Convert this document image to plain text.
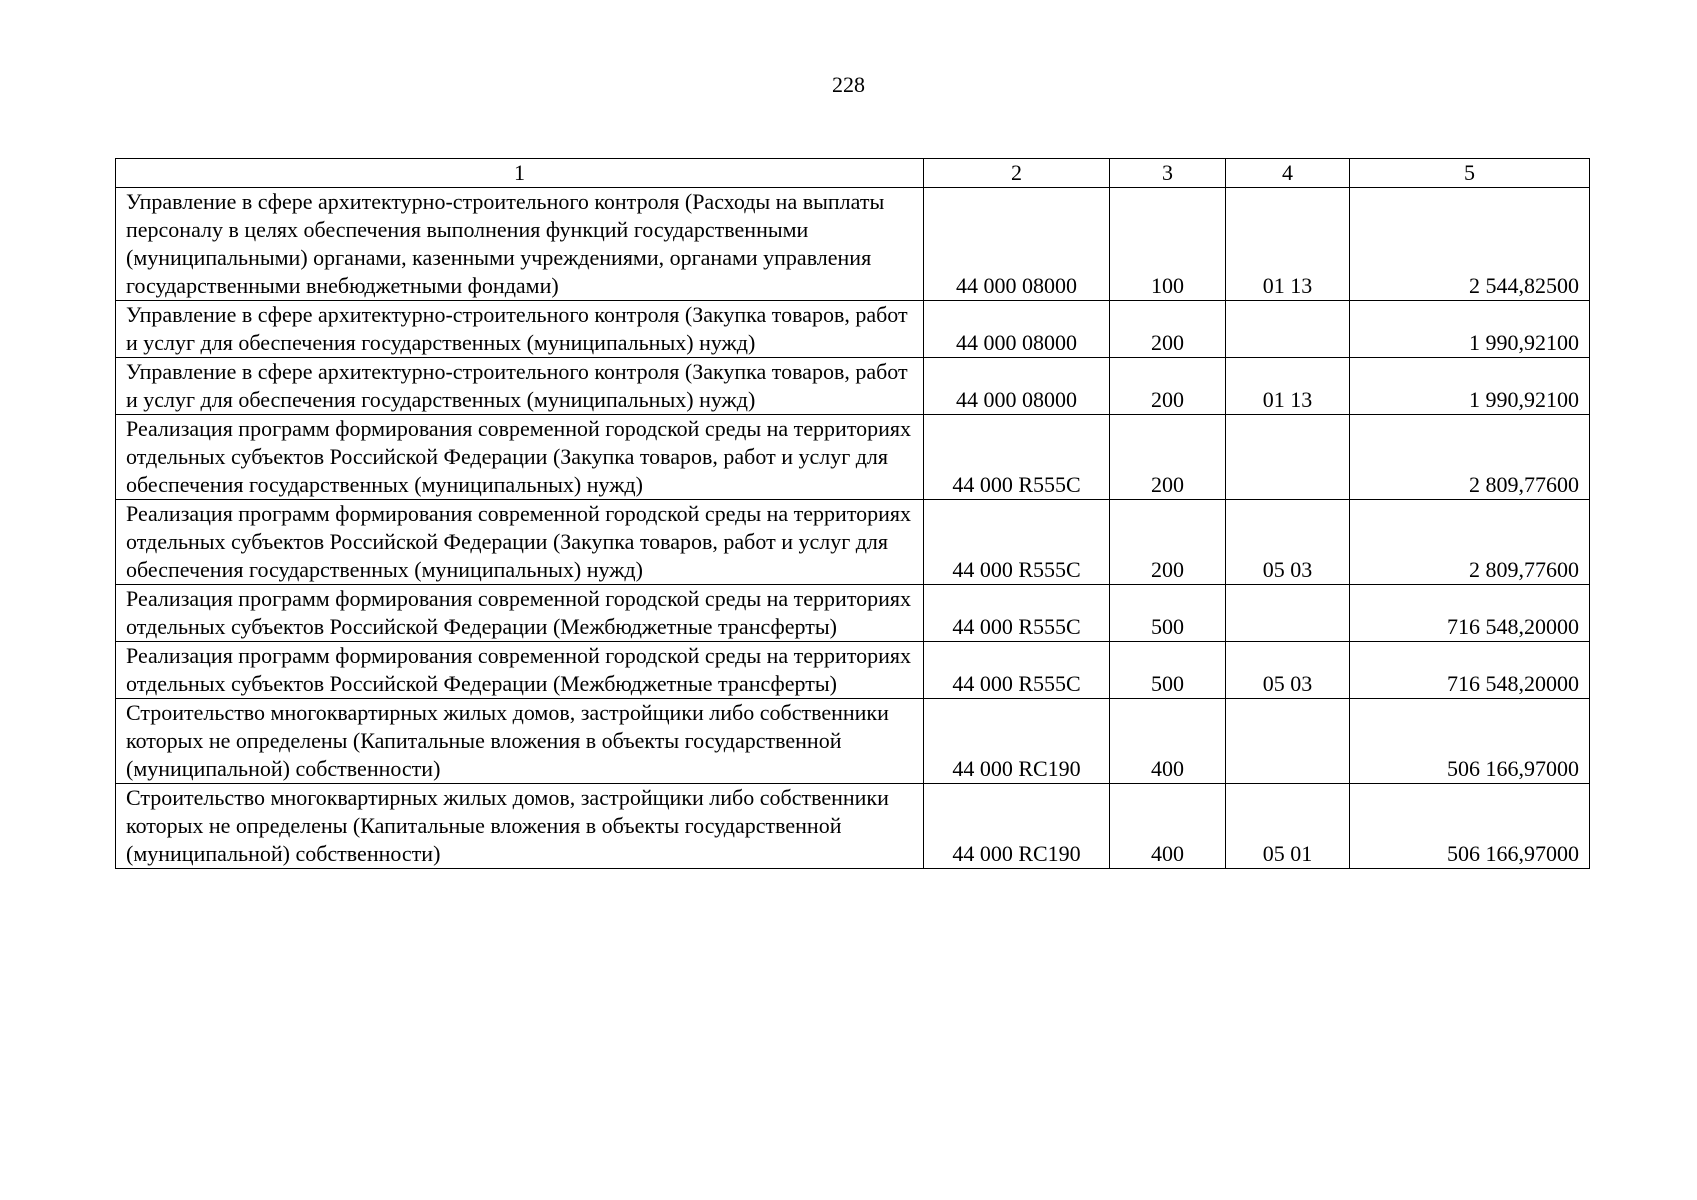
228
1	2	3	4	5
Управление в сфере архитектурно-строительного контроля (Расходы на выплаты персоналу в целях обеспечения выполнения функций государственными (муниципальными) органами, казенными учреждениями, органами управления государственными внебюджетными фондами)	44 000 08000	100	01 13	2 544,82500
Управление в сфере архитектурно-строительного контроля (Закупка товаров, работ и услуг для обеспечения государственных (муниципальных) нужд)	44 000 08000	200		1 990,92100
Управление в сфере архитектурно-строительного контроля (Закупка товаров, работ и услуг для обеспечения государственных (муниципальных) нужд)	44 000 08000	200	01 13	1 990,92100
Реализация программ формирования современной городской среды на территориях отдельных субъектов Российской Федерации (Закупка товаров, работ и услуг для обеспечения государственных (муниципальных) нужд)	44 000 R555C	200		2 809,77600
Реализация программ формирования современной городской среды на территориях отдельных субъектов Российской Федерации (Закупка товаров, работ и услуг для обеспечения государственных (муниципальных) нужд)	44 000 R555C	200	05 03	2 809,77600
Реализация программ формирования современной городской среды на территориях отдельных субъектов Российской Федерации (Межбюджетные трансферты)	44 000 R555C	500		716 548,20000
Реализация программ формирования современной городской среды на территориях отдельных субъектов Российской Федерации (Межбюджетные трансферты)	44 000 R555C	500	05 03	716 548,20000
Строительство многоквартирных жилых домов, застройщики либо собственники которых не определены (Капитальные вложения в объекты государственной (муниципальной) собственности)	44 000 RC190	400		506 166,97000
Строительство многоквартирных жилых домов, застройщики либо собственники которых не определены (Капитальные вложения в объекты государственной (муниципальной) собственности)	44 000 RC190	400	05 01	506 166,97000
